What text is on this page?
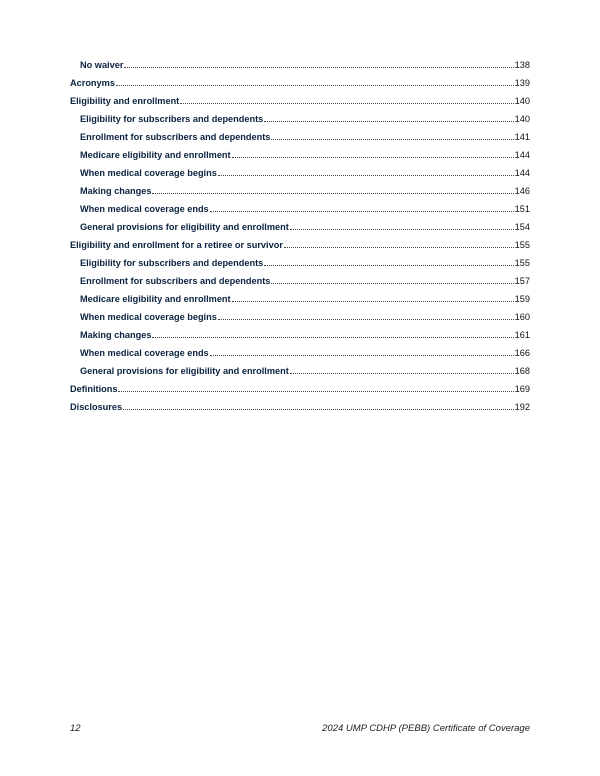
No waiver	138
Acronyms	139
Eligibility and enrollment	140
Eligibility for subscribers and dependents	140
Enrollment for subscribers and dependents	141
Medicare eligibility and enrollment	144
When medical coverage begins	144
Making changes	146
When medical coverage ends	151
General provisions for eligibility and enrollment	154
Eligibility and enrollment for a retiree or survivor	155
Eligibility for subscribers and dependents	155
Enrollment for subscribers and dependents	157
Medicare eligibility and enrollment	159
When medical coverage begins	160
Making changes	161
When medical coverage ends	166
General provisions for eligibility and enrollment	168
Definitions	169
Disclosures	192
12	2024 UMP CDHP (PEBB) Certificate of Coverage
